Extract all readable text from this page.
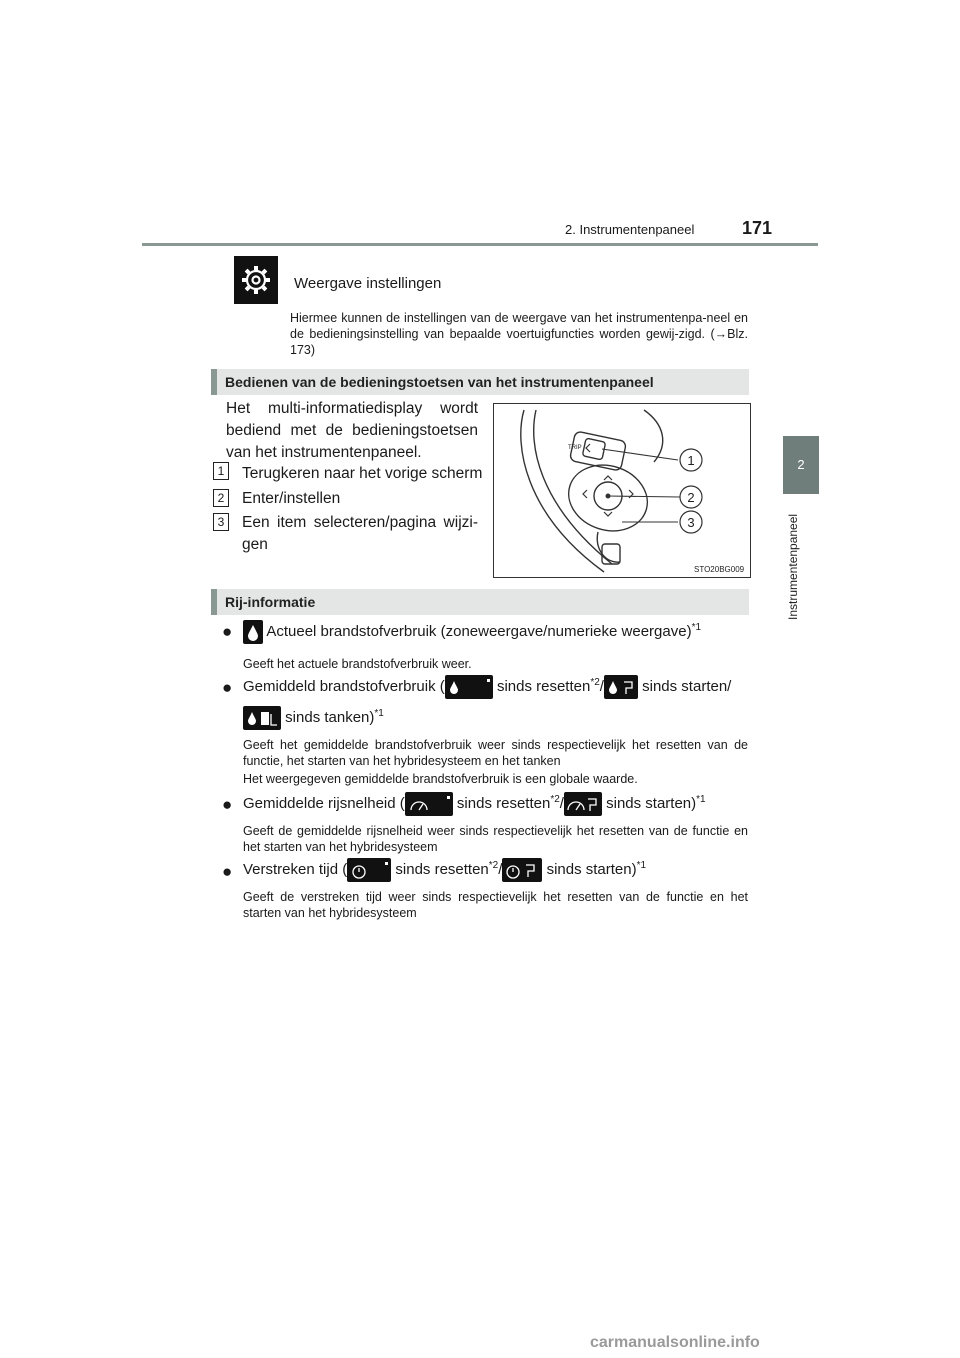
2. Instrumentenpaneel	171
2
Instrumentenpaneel
Weergave instellingen
Hiermee kunnen de instellingen van de weergave van het instrumentenpa-neel en de bedieningsinstelling van bepaalde voertuigfuncties worden gewij-zigd. (→Blz. 173)
Bedienen van de bedieningstoetsen van het instrumentenpaneel
Het multi-informatiedisplay wordt bediend met de bedieningstoetsen van het instrumentenpaneel.
1	Terugkeren naar het vorige scherm
2	Enter/instellen
3	Een item selecteren/pagina wijzi-gen
1
2
3
TRIP
STO20BG009
Rij-informatie
●	Actueel brandstofverbruik (zoneweergave/numerieke weergave)$^{*1}$
Geeft het actuele brandstofverbruik weer.
● Gemiddeld brandstofverbruik (	sinds resetten$^{*2}$/	sinds starten/
sinds tanken)$^{*1}$
Geeft het gemiddelde brandstofverbruik weer sinds respectievelijk het resetten van de functie, het starten van het hybridesysteem en het tanken
Het weergegeven gemiddelde brandstofverbruik is een globale waarde.
● Gemiddelde rijsnelheid (	sinds resetten$^{*2}$/	sinds starten)$^{*1}$
Geeft de gemiddelde rijsnelheid weer sinds respectievelijk het resetten van de functie en het starten van het hybridesysteem
● Verstreken tijd (	sinds resetten$^{*2}$/	sinds starten)$^{*1}$
Geeft de verstreken tijd weer sinds respectievelijk het resetten van de functie en het starten van het hybridesysteem
carmanualsonline.info
